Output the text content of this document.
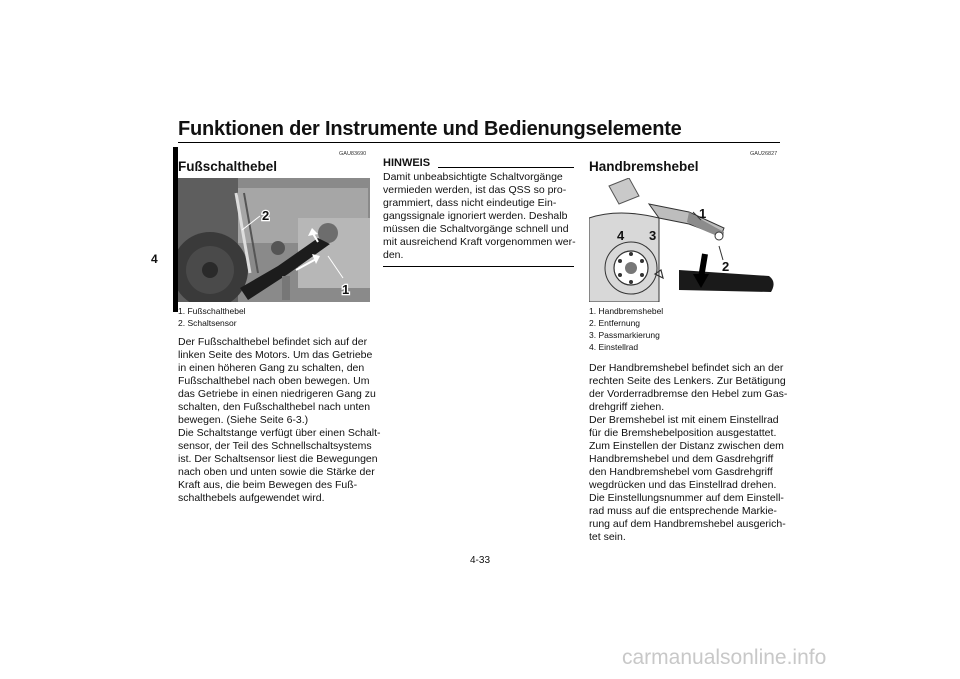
Funktionen der Instrumente und Bedienungselemente
4
GAU83690
Fußschalthebel
2
1
1. Fußschalthebel
2. Schaltsensor
Der Fußschalthebel befindet sich auf der
linken Seite des Motors. Um das Getriebe
in einen höheren Gang zu schalten, den
Fußschalthebel nach oben bewegen. Um
das Getriebe in einen niedrigeren Gang zu
schalten, den Fußschalthebel nach unten
bewegen. (Siehe Seite 6-3.)
Die Schaltstange verfügt über einen Schalt-
sensor, der Teil des Schnellschaltsystems
ist. Der Schaltsensor liest die Bewegungen
nach oben und unten sowie die Stärke der
Kraft aus, die beim Bewegen des Fuß-
schalthebels aufgewendet wird.
HINWEIS
Damit unbeabsichtigte Schaltvorgänge
vermieden werden, ist das QSS so pro-
grammiert, dass nicht eindeutige Ein-
gangssignale ignoriert werden. Deshalb
müssen die Schaltvorgänge schnell und
mit ausreichend Kraft vorgenommen wer-
den.
GAU26827
Handbremshebel
1
2
4 3
1. Handbremshebel
2. Entfernung
3. Passmarkierung
4. Einstellrad
Der Handbremshebel befindet sich an der
rechten Seite des Lenkers. Zur Betätigung
der Vorderradbremse den Hebel zum Gas-
drehgriff ziehen.
Der Bremshebel ist mit einem Einstellrad
für die Bremshebelposition ausgestattet.
Zum Einstellen der Distanz zwischen dem
Handbremshebel und dem Gasdrehgriff
den Handbremshebel vom Gasdrehgriff
wegdrücken und das Einstellrad drehen.
Die Einstellungsnummer auf dem Einstell-
rad muss auf die entsprechende Markie-
rung auf dem Handbremshebel ausgerich-
tet sein.
4-33
carmanualsonline.info
